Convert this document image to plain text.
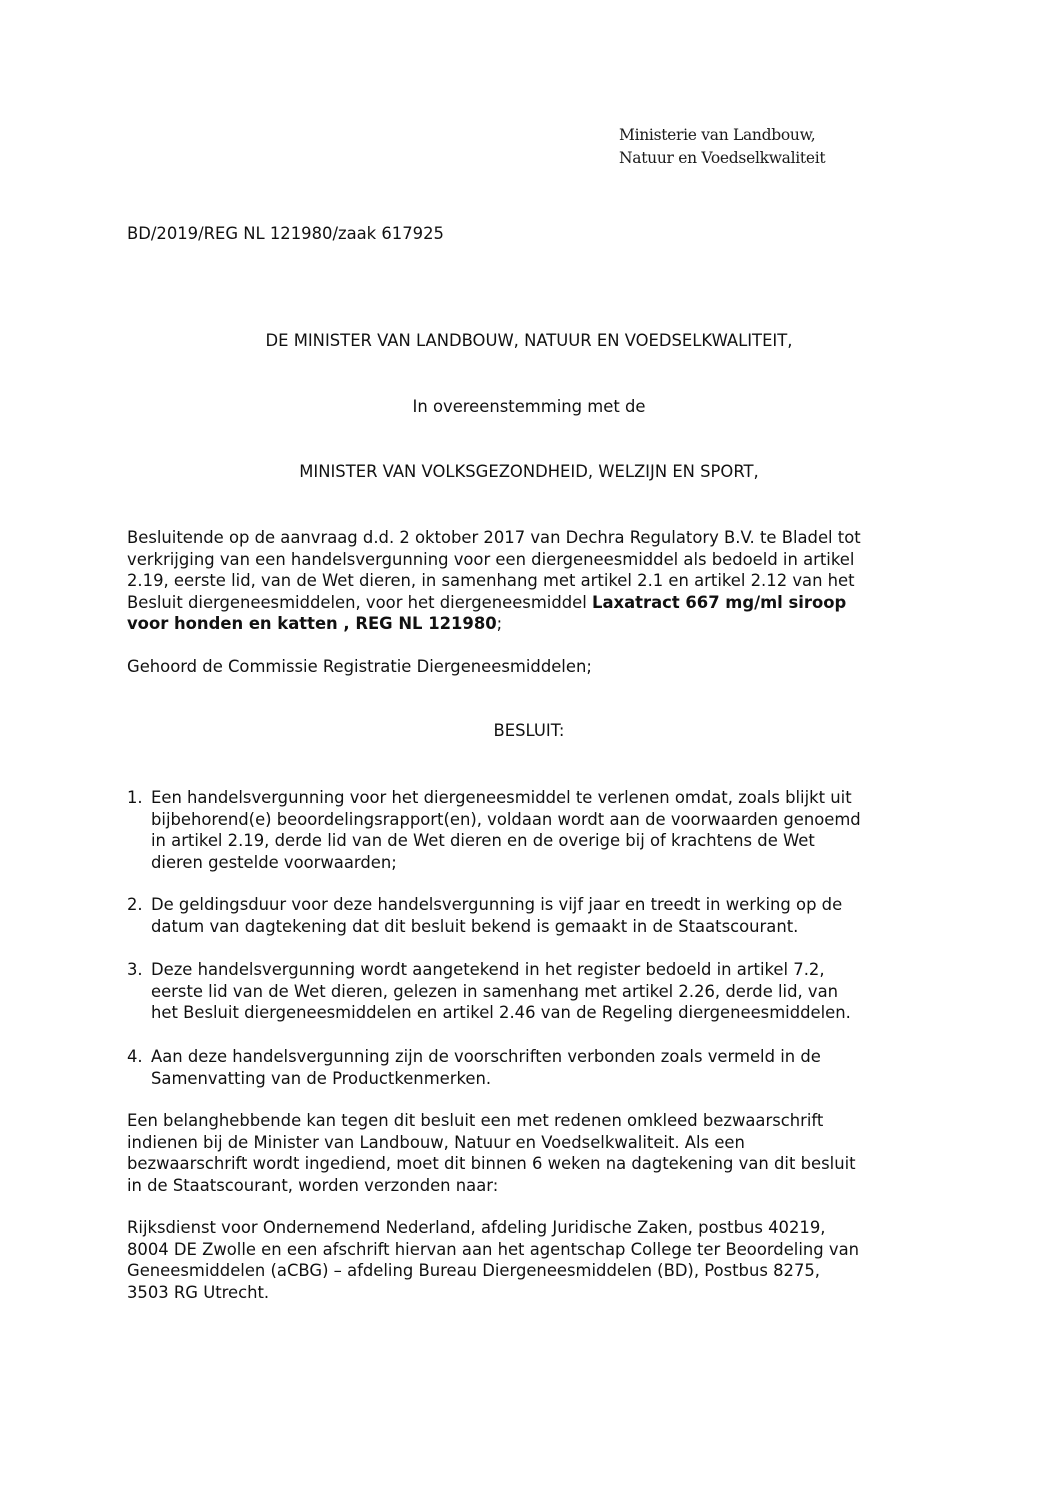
Ministerie van Landbouw,
Natuur en Voedselkwaliteit
BD/2019/REG NL 121980/zaak 617925
DE MINISTER VAN LANDBOUW, NATUUR EN VOEDSELKWALITEIT,
In overeenstemming met de
MINISTER VAN VOLKSGEZONDHEID, WELZIJN EN SPORT,
Besluitende op de aanvraag d.d. 2 oktober 2017 van Dechra Regulatory B.V. te Bladel tot
verkrijging van een handelsvergunning voor een diergeneesmiddel als bedoeld in artikel
2.19, eerste lid, van de Wet dieren, in samenhang met artikel 2.1 en artikel 2.12 van het
Besluit diergeneesmiddelen, voor het diergeneesmiddel Laxatract 667 mg/ml siroop
voor honden en katten , REG NL 121980;
Gehoord de Commissie Registratie Diergeneesmiddelen;
BESLUIT:
1. Een handelsvergunning voor het diergeneesmiddel te verlenen omdat, zoals blijkt uit
bijbehorend(e) beoordelingsrapport(en), voldaan wordt aan de voorwaarden genoemd
in artikel 2.19, derde lid van de Wet dieren en de overige bij of krachtens de Wet
dieren gestelde voorwaarden;
2. De geldingsduur voor deze handelsvergunning is vijf jaar en treedt in werking op de
datum van dagtekening dat dit besluit bekend is gemaakt in de Staatscourant.
3. Deze handelsvergunning wordt aangetekend in het register bedoeld in artikel 7.2,
eerste lid van de Wet dieren, gelezen in samenhang met artikel 2.26, derde lid, van
het Besluit diergeneesmiddelen en artikel 2.46 van de Regeling diergeneesmiddelen.
4. Aan deze handelsvergunning zijn de voorschriften verbonden zoals vermeld in de
Samenvatting van de Productkenmerken.
Een belanghebbende kan tegen dit besluit een met redenen omkleed bezwaarschrift
indienen bij de Minister van Landbouw, Natuur en Voedselkwaliteit. Als een
bezwaarschrift wordt ingediend, moet dit binnen 6 weken na dagtekening van dit besluit
in de Staatscourant, worden verzonden naar:
Rijksdienst voor Ondernemend Nederland, afdeling Juridische Zaken, postbus 40219,
8004 DE Zwolle en een afschrift hiervan aan het agentschap College ter Beoordeling van
Geneesmiddelen (aCBG) – afdeling Bureau Diergeneesmiddelen (BD), Postbus 8275,
3503 RG Utrecht.
